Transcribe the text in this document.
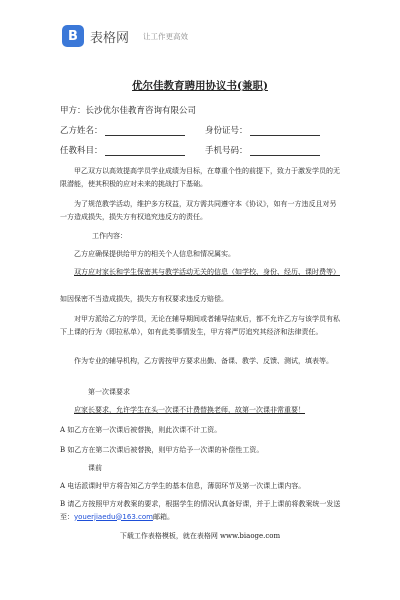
B 表格网 让工作更高效
优尔佳教育聘用协议书(兼职)
甲方：长沙优尔佳教育咨询有限公司
乙方姓名：	身份证号：
任教科目：	手机号码：
甲乙双方以高效提高学员学业成绩为目标，在尊重个性的前提下，致力于激发学员的无限潜能，使其积极的应对未来的挑战打下基础。
为了规范教学活动，维护多方权益，双方需共同遵守本《协议》，如有一方违反且对另一方造成损失，损失方有权追究违反方的责任。
工作内容：
乙方应确保提供给甲方的相关个人信息和情况属实。
双方应对家长和学生保密其与教学活动无关的信息（如学校、身份、经历、课时费等）
如因保密不当造成损失，损失方有权要求违反方赔偿。
对甲方派给乙方的学员，无论在辅导期间或者辅导结束后，都不允许乙方与该学员有私下上课的行为（即拉私单），如有此类事情发生，甲方将严厉追究其经济和法律责任。
作为专业的辅导机构，乙方需按甲方要求出勤、备课、教学、反馈、测试，填表等。
第一次课要求
应家长要求，允许学生在头一次课不计费替换老师，故第一次课非常重要！
A 如乙方在第一次课后被替换，则此次课不计工资。
B 如乙方在第二次课后被替换，则甲方给予一次课的补偿性工资。
课前
A 电话派课时甲方将告知乙方学生的基本信息，薄弱环节及第一次课上课内容。
B 请乙方按照甲方对教案的要求，根据学生的情况认真备好课，并于上课前将教案统一发送至：youerjiaedu@163.com邮箱。
下载工作表格模板，就在表格网 www.biaoge.com
